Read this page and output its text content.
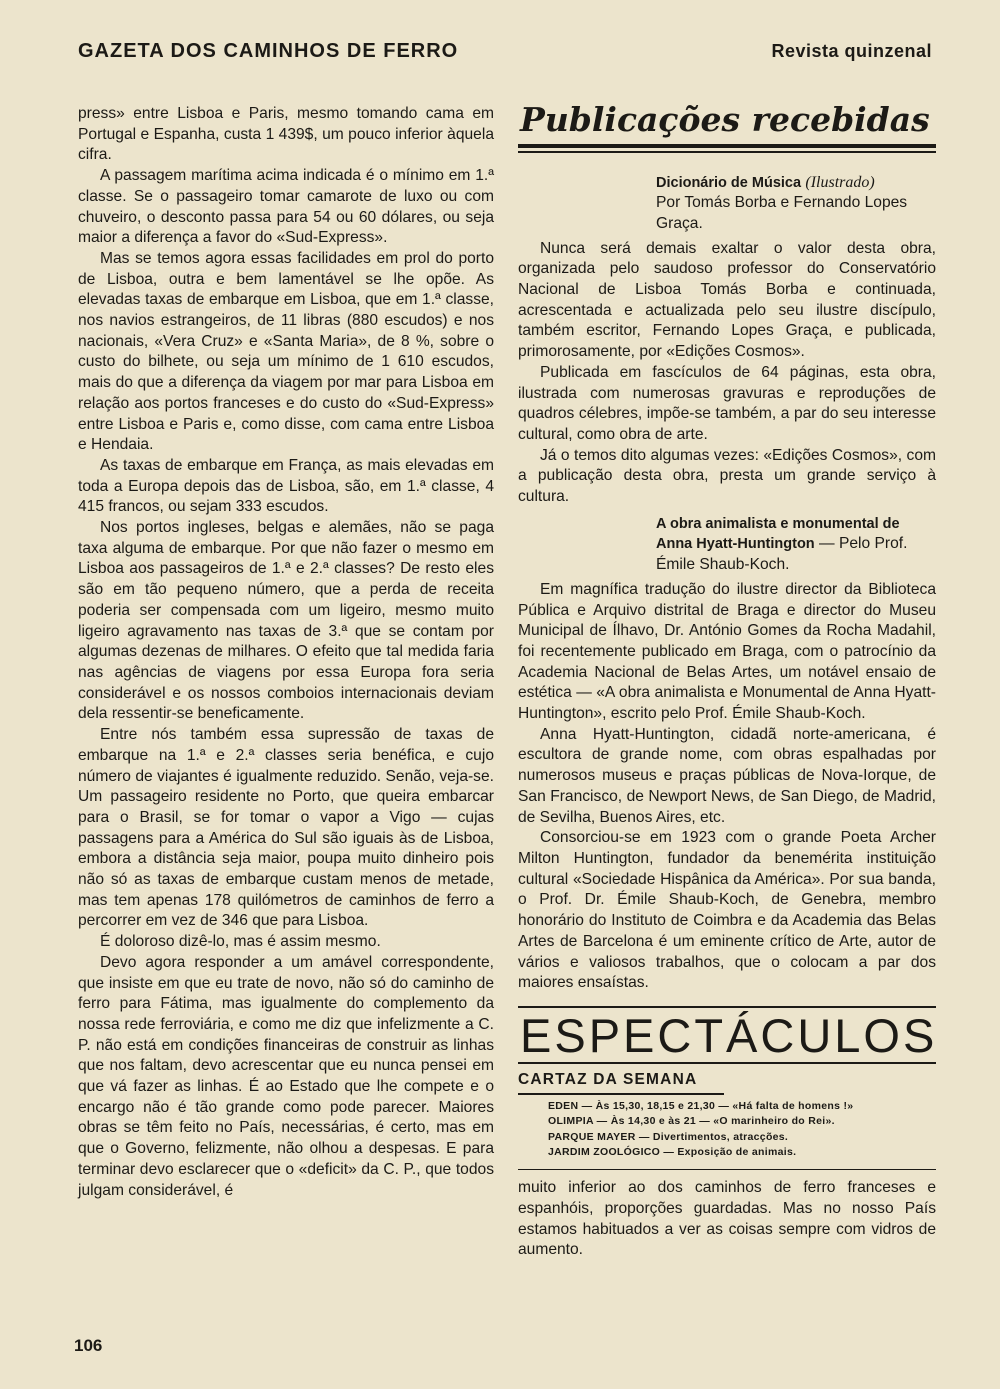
GAZETA DOS CAMINHOS DE FERRO	Revista quinzenal

press» entre Lisboa e Paris, mesmo tomando cama em Portugal e Espanha, custa 1 439$, um pouco inferior àquela cifra.

A passagem marítima acima indicada é o mínimo em 1.ª classe. Se o passageiro tomar camarote de luxo ou com chuveiro, o desconto passa para 54 ou 60 dólares, ou seja maior a diferença a favor do «Sud-Express».

Mas se temos agora essas facilidades em prol do porto de Lisboa, outra e bem lamentável se lhe opõe. As elevadas taxas de embarque em Lisboa, que em 1.ª classe, nos navios estrangeiros, de 11 libras (880 escudos) e nos nacionais, «Vera Cruz» e «Santa Maria», de 8 %, sobre o custo do bilhete, ou seja um mínimo de 1 610 escudos, mais do que a diferença da viagem por mar para Lisboa em relação aos portos franceses e do custo do «Sud-Express» entre Lisboa e Paris e, como disse, com cama entre Lisboa e Hendaia.

As taxas de embarque em França, as mais elevadas em toda a Europa depois das de Lisboa, são, em 1.ª classe, 4 415 francos, ou sejam 333 escudos.

Nos portos ingleses, belgas e alemães, não se paga taxa alguma de embarque. Por que não fazer o mesmo em Lisboa aos passageiros de 1.ª e 2.ª classes? De resto eles são em tão pequeno número, que a perda de receita poderia ser compensada com um ligeiro, mesmo muito ligeiro agravamento nas taxas de 3.ª que se contam por algumas dezenas de milhares. O efeito que tal medida faria nas agências de viagens por essa Europa fora seria considerável e os nossos comboios internacionais deviam dela ressentir-se beneficamente.

Entre nós também essa supressão de taxas de embarque na 1.ª e 2.ª classes seria benéfica, e cujo número de viajantes é igualmente reduzido. Senão, veja-se. Um passageiro residente no Porto, que queira embarcar para o Brasil, se for tomar o vapor a Vigo — cujas passagens para a América do Sul são iguais às de Lisboa, embora a distância seja maior, poupa muito dinheiro pois não só as taxas de embarque custam menos de metade, mas tem apenas 178 quilómetros de caminhos de ferro a percorrer em vez de 346 que para Lisboa.

É doloroso dizê-lo, mas é assim mesmo.

Devo agora responder a um amável correspondente, que insiste em que eu trate de novo, não só do caminho de ferro para Fátima, mas igualmente do complemento da nossa rede ferroviária, e como me diz que infelizmente a C. P. não está em condições financeiras de construir as linhas que nos faltam, devo acrescentar que eu nunca pensei em que vá fazer as linhas. É ao Estado que lhe compete e o encargo não é tão grande como pode parecer. Maiores obras se têm feito no País, necessárias, é certo, mas em que o Governo, felizmente, não olhou a despesas. E para terminar devo esclarecer que o «deficit» da C. P., que todos julgam considerável, é

Publicações recebidas
Dicionário de Música (Ilustrado)
Por Tomás Borba e Fernando Lopes Graça.

Nunca será demais exaltar o valor desta obra, organizada pelo saudoso professor do Conservatório Nacional de Lisboa Tomás Borba e continuada, acrescentada e actualizada pelo seu ilustre discípulo, também escritor, Fernando Lopes Graça, e publicada, primorosamente, por «Edições Cosmos».

Publicada em fascículos de 64 páginas, esta obra, ilustrada com numerosas gravuras e reproduções de quadros célebres, impõe-se também, a par do seu interesse cultural, como obra de arte.

Já o temos dito algumas vezes: «Edições Cosmos», com a publicação desta obra, presta um grande serviço à cultura.

A obra animalista e monumental de Anna Hyatt-Huntington — Pelo Prof. Émile Shaub-Koch.

Em magnífica tradução do ilustre director da Biblioteca Pública e Arquivo distrital de Braga e director do Museu Municipal de Ílhavo, Dr. António Gomes da Rocha Madahil, foi recentemente publicado em Braga, com o patrocínio da Academia Nacional de Belas Artes, um notável ensaio de estética — «A obra animalista e Monumental de Anna Hyatt-Huntington», escrito pelo Prof. Émile Shaub-Koch.

Anna Hyatt-Huntington, cidadã norte-americana, é escultora de grande nome, com obras espalhadas por numerosos museus e praças públicas de Nova-Iorque, de San Francisco, de Newport News, de San Diego, de Madrid, de Sevilha, Buenos Aires, etc.

Consorciou-se em 1923 com o grande Poeta Archer Milton Huntington, fundador da benemérita instituição cultural «Sociedade Hispânica da América». Por sua banda, o Prof. Dr. Émile Shaub-Koch, de Genebra, membro honorário do Instituto de Coimbra e da Academia das Belas Artes de Barcelona é um eminente crítico de Arte, autor de vários e valiosos trabalhos, que o colocam a par dos maiores ensaístas.

ESPECTÁCULOS
CARTAZ DA SEMANA
EDEN — Às 15,30, 18,15 e 21,30 — «Há falta de homens !»
OLIMPIA — Às 14,30 e às 21 — «O marinheiro do Rei».
PARQUE MAYER — Divertimentos, atracções.
JARDIM ZOOLÓGICO — Exposição de animais.

muito inferior ao dos caminhos de ferro franceses e espanhóis, proporções guardadas. Mas no nosso País estamos habituados a ver as coisas sempre com vidros de aumento.

106
